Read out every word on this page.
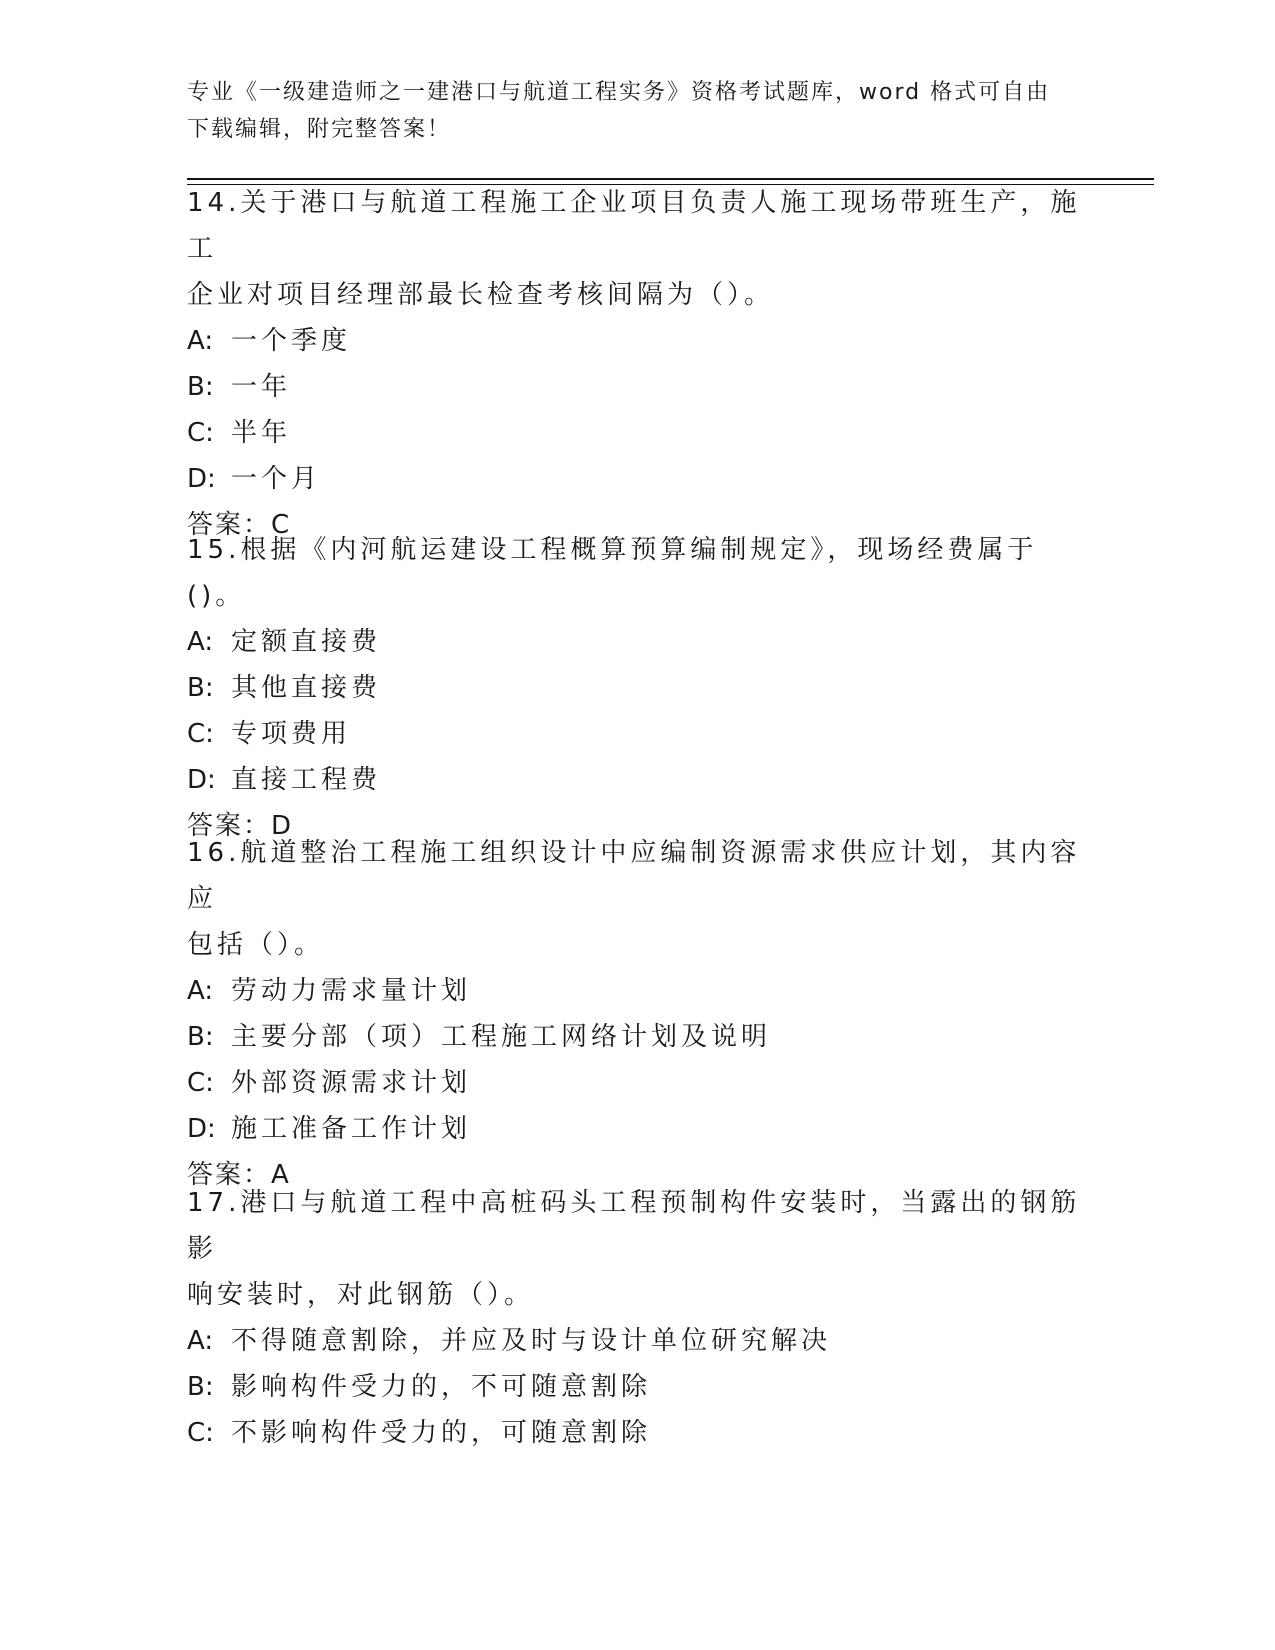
专业《一级建造师之一建港口与航道工程实务》资格考试题库，word 格式可自由
下载编辑，附完整答案！

14.关于港口与航道工程施工企业项目负责人施工现场带班生产，施工

企业对项目经理部最长检查考核间隔为（）。

A: 一个季度

B: 一年

C: 半年

D: 一个月

答案：C

15.根据《内河航运建设工程概算预算编制规定》，现场经费属于()。

A: 定额直接费

B: 其他直接费

C: 专项费用

D: 直接工程费

答案：D

16.航道整治工程施工组织设计中应编制资源需求供应计划，其内容应

包括（）。

A: 劳动力需求量计划

B: 主要分部（项）工程施工网络计划及说明

C: 外部资源需求计划

D: 施工准备工作计划

答案：A

17.港口与航道工程中高桩码头工程预制构件安装时，当露出的钢筋影

响安装时，对此钢筋（）。

A: 不得随意割除，并应及时与设计单位研究解决

B: 影响构件受力的，不可随意割除

C: 不影响构件受力的，可随意割除
